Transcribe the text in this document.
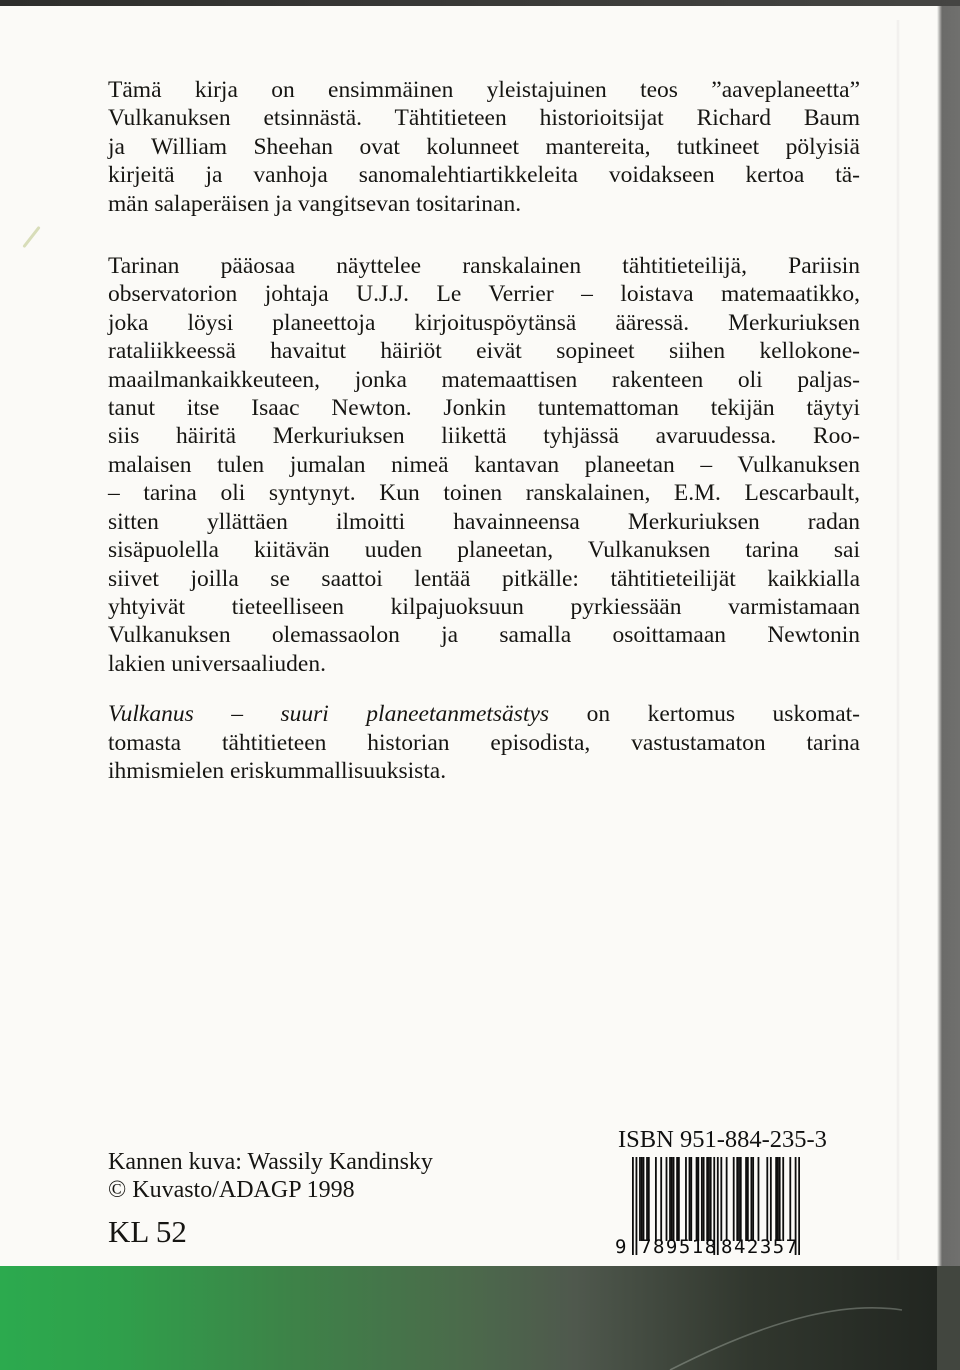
Tämä kirja on ensimmäinen yleistajuinen teos ”aaveplaneetta”
Vulkanuksen etsinnästä. Tähtitieteen historioitsijat Richard Baum
ja William Sheehan ovat kolunneet mantereita, tutkineet pölyisiä
kirjeitä ja vanhoja sanomalehtiartikkeleita voidakseen kertoa tä-
män salaperäisen ja vangitsevan tositarinan.
Tarinan pääosaa näyttelee ranskalainen tähtitieteilijä, Pariisin
observatorion johtaja U.J.J. Le Verrier – loistava matemaatikko,
joka löysi planeettoja kirjoituspöytänsä ääressä. Merkuriuksen
rataliikkeessä havaitut häiriöt eivät sopineet siihen kellokone-
maailmankaikkeuteen, jonka matemaattisen rakenteen oli paljas-
tanut itse Isaac Newton. Jonkin tuntemattoman tekijän täytyi
siis häiritä Merkuriuksen liikettä tyhjässä avaruudessa. Roo-
malaisen tulen jumalan nimeä kantavan planeetan – Vulkanuksen
– tarina oli syntynyt. Kun toinen ranskalainen, E.M. Lescarbault,
sitten yllättäen ilmoitti havainneensa Merkuriuksen radan
sisäpuolella kiitävän uuden planeetan, Vulkanuksen tarina sai
siivet joilla se saattoi lentää pitkälle: tähtitieteilijät kaikkialla
yhtyivät tieteelliseen kilpajuoksuun pyrkiessään varmistamaan
Vulkanuksen olemassaolon ja samalla osoittamaan Newtonin
lakien universaaliuden.
Vulkanus – suuri planeetanmetsästys on kertomus uskomat-
tomasta tähtitieteen historian episodista, vastustamaton tarina
ihmismielen eriskummallisuuksista.
Kannen kuva: Wassily Kandinsky
© Kuvasto/ADAGP 1998
KL 52
ISBN 951-884-235-3
9 789518 842357
